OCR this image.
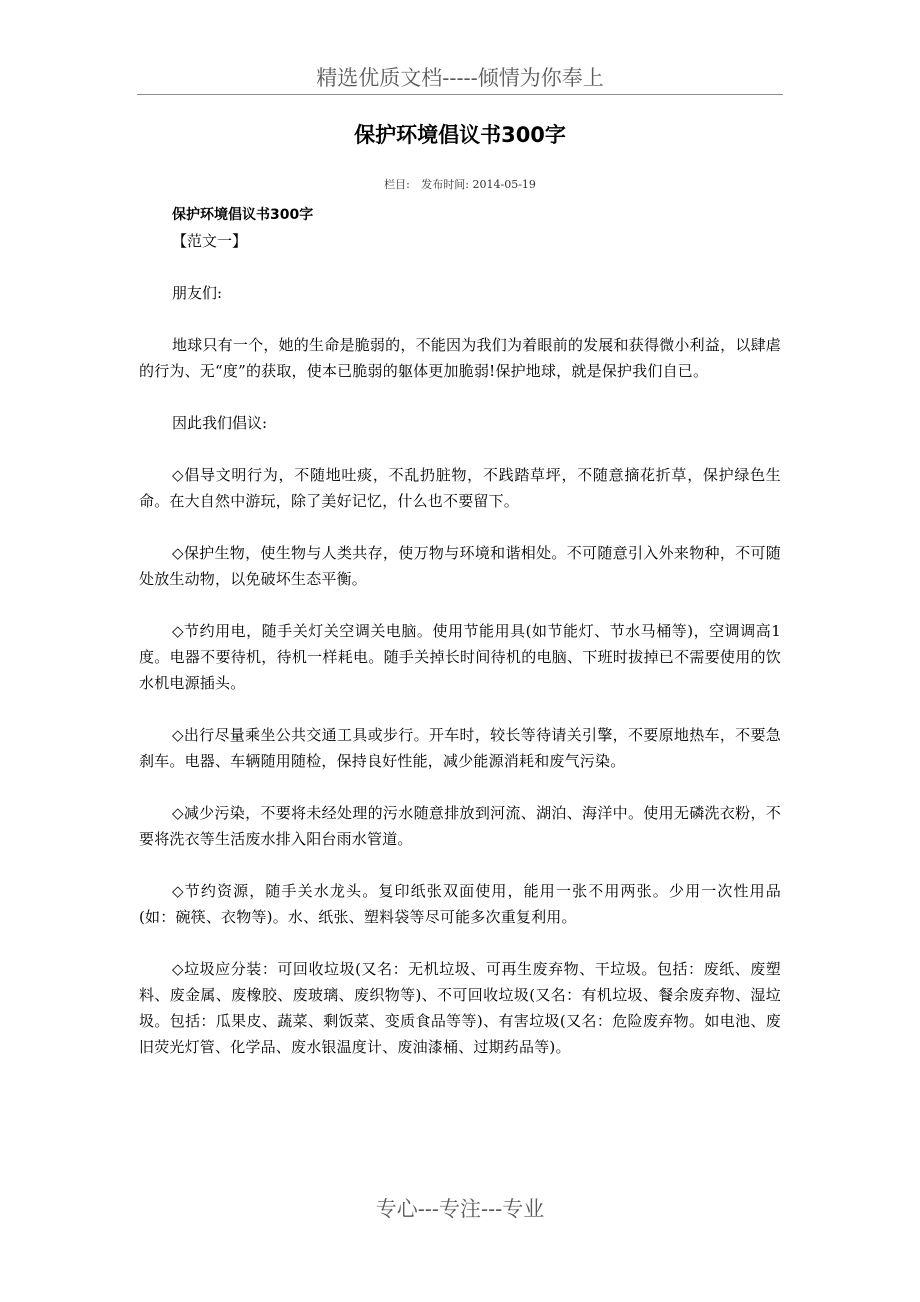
精选优质文档-----倾情为你奉上
保护环境倡议书300字
栏目: 发布时间: 2014-05-19

保护环境倡议书300字

【范文一】

朋友们:

地球只有一个，她的生命是脆弱的，不能因为我们为着眼前的发展和获得微小利益，以肆虐的行为、无“度”的获取，使本已脆弱的躯体更加脆弱!保护地球，就是保护我们自已。

因此我们倡议:

◇倡导文明行为，不随地吐痰，不乱扔脏物，不践踏草坪，不随意摘花折草，保护绿色生命。在大自然中游玩，除了美好记忆，什么也不要留下。

◇保护生物，使生物与人类共存，使万物与环境和谐相处。不可随意引入外来物种，不可随处放生动物，以免破坏生态平衡。

◇节约用电，随手关灯关空调关电脑。使用节能用具(如节能灯、节水马桶等)，空调调高1度。电器不要待机，待机一样耗电。随手关掉长时间待机的电脑、下班时拔掉已不需要使用的饮水机电源插头。

◇出行尽量乘坐公共交通工具或步行。开车时，较长等待请关引擎，不要原地热车，不要急刹车。电器、车辆随用随检，保持良好性能，减少能源消耗和废气污染。

◇减少污染，不要将未经处理的污水随意排放到河流、湖泊、海洋中。使用无磷洗衣粉，不要将洗衣等生活废水排入阳台雨水管道。

◇节约资源，随手关水龙头。复印纸张双面使用，能用一张不用两张。少用一次性用品(如：碗筷、衣物等)。水、纸张、塑料袋等尽可能多次重复利用。

◇垃圾应分装：可回收垃圾(又名：无机垃圾、可再生废弃物、干垃圾。包括：废纸、废塑料、废金属、废橡胶、废玻璃、废织物等)、不可回收垃圾(又名：有机垃圾、餐余废弃物、湿垃圾。包括：瓜果皮、蔬菜、剩饭菜、变质食品等等)、有害垃圾(又名：危险废弃物。如电池、废旧荧光灯管、化学品、废水银温度计、废油漆桶、过期药品等)。

专心---专注---专业
